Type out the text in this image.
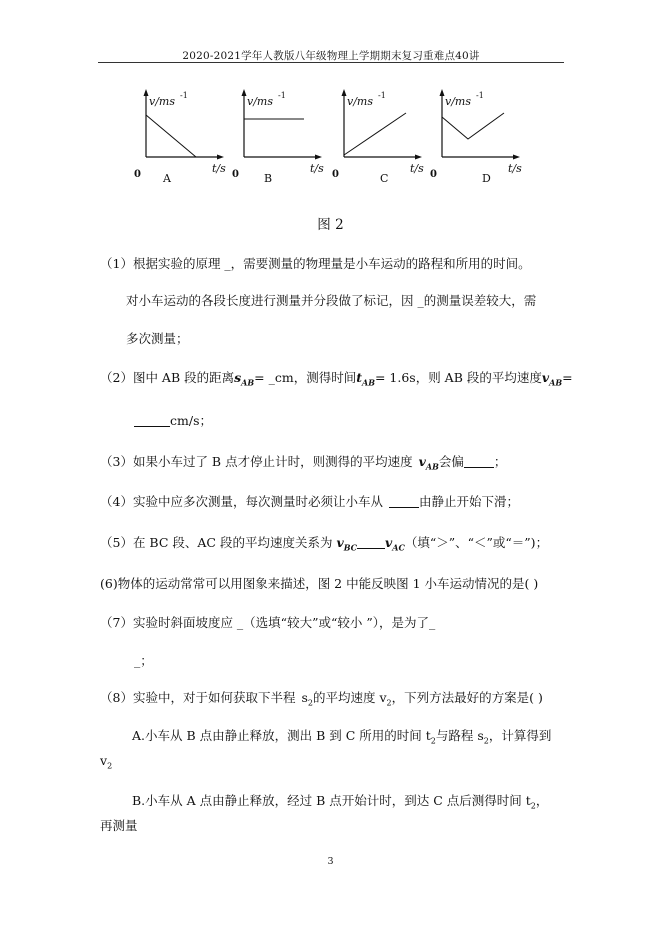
2020-2021学年人教版八年级物理上学期期末复习重难点40讲
v/ms -1
t/s
0 A
v/ms -1
t/s
0 B
v/ms -1
t/s
0	C
v/ms -1
t/s
0	D
图 2
（1）根据实验的原理 _，需要测量的物理量是小车运动的路程和所用的时间。
对小车运动的各段长度进行测量并分段做了标记，因 _的测量误差较大，需
多次测量；
（2）图中 AB 段的距离$s_{AB}=$ _cm，测得时间$t_{AB}= 1.6s$，则 AB 段的平均速度$v_{AB}=$
cm/s；
（3）如果小车过了 B 点才停止计时，则测得的平均速度 $v_{AB}$会偏 ；
（4）实验中应多次测量，每次测量时必须让小车从	由静止开始下滑；
（5）在 BC 段、AC 段的平均速度关系为 $v_{BC}$ $v_{AC}$（填“＞”、“＜”或“＝”)；
(6)物体的运动常常可以用图象来描述，图 2 中能反映图 1 小车运动情况的是( )
（7）实验时斜面坡度应 _（选填“较大”或“较小 ”），是为了_
_；
（8）实验中，对于如何获取下半程 $s_2$的平均速度 $v_2$，下列方法最好的方案是( )
A.小车从 B 点由静止释放，测出 B 到 C 所用的时间 $t_2$与路程 $s_2$，计算得到
$v_2$
B.小车从 A 点由静止释放，经过 B 点开始计时，到达 C 点后测得时间 $t_2$，
再测量
3
